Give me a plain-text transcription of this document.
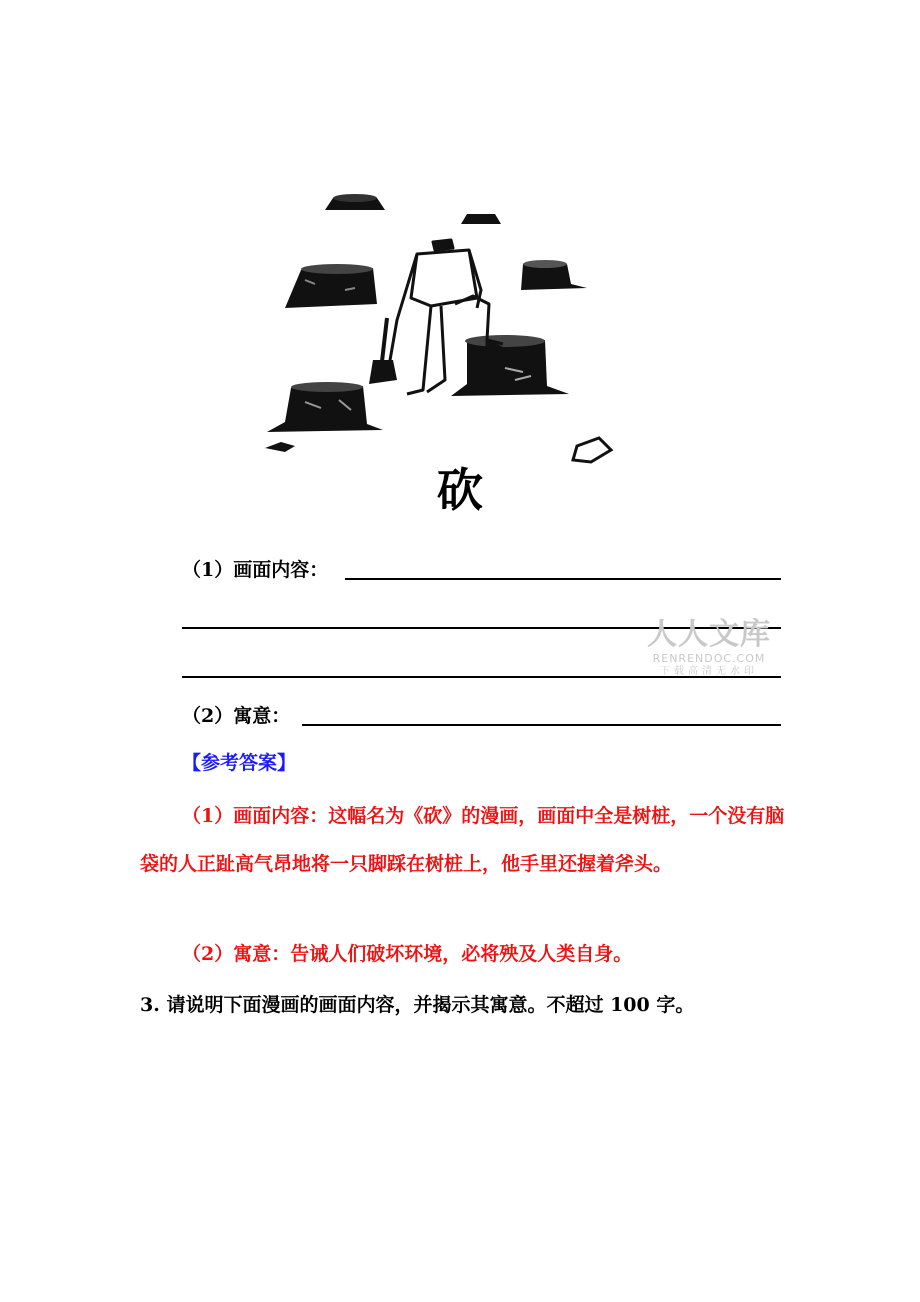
砍
（1）画面内容：
（2）寓意：
人人文库
RENRENDOC.COM
下载高清无水印
【参考答案】
（1）画面内容：这幅名为《砍》的漫画，画面中全是树桩，一个没有脑袋的人正趾高气昂地将一只脚踩在树桩上，他手里还握着斧头。
（2）寓意：告诫人们破坏环境，必将殃及人类自身。
3. 请说明下面漫画的画面内容，并揭示其寓意。不超过 100 字。
